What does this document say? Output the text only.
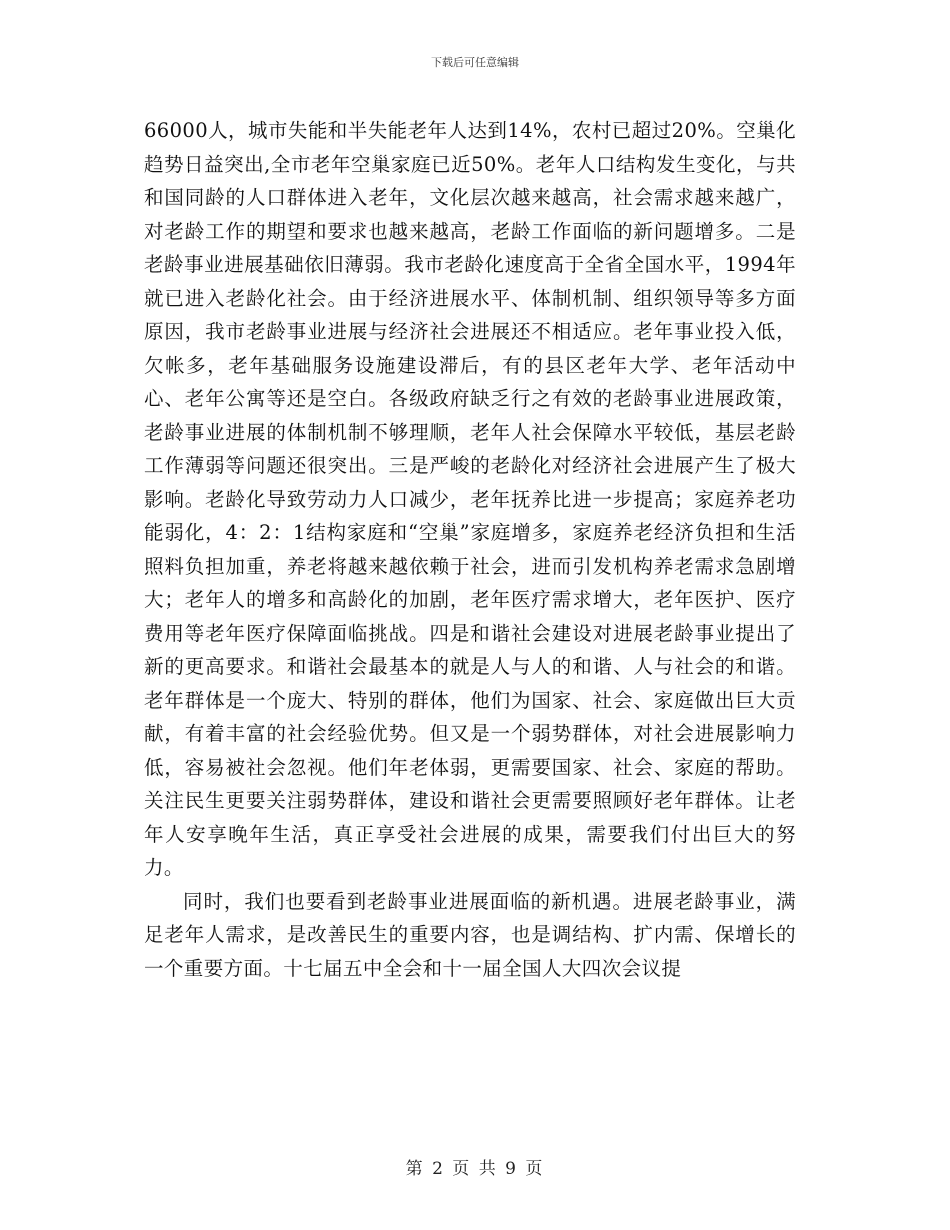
下载后可任意编辑

66000人，城市失能和半失能老年人达到14%，农村已超过20%。空巢化趋势日益突出,全市老年空巢家庭已近50%。老年人口结构发生变化，与共和国同龄的人口群体进入老年，文化层次越来越高，社会需求越来越广，对老龄工作的期望和要求也越来越高，老龄工作面临的新问题增多。二是老龄事业进展基础依旧薄弱。我市老龄化速度高于全省全国水平，1994年就已进入老龄化社会。由于经济进展水平、体制机制、组织领导等多方面原因，我市老龄事业进展与经济社会进展还不相适应。老年事业投入低，欠帐多，老年基础服务设施建设滞后，有的县区老年大学、老年活动中心、老年公寓等还是空白。各级政府缺乏行之有效的老龄事业进展政策，老龄事业进展的体制机制不够理顺，老年人社会保障水平较低，基层老龄工作薄弱等问题还很突出。三是严峻的老龄化对经济社会进展产生了极大影响。老龄化导致劳动力人口减少，老年抚养比进一步提高；家庭养老功能弱化，4：2：1结构家庭和“空巢”家庭增多，家庭养老经济负担和生活照料负担加重，养老将越来越依赖于社会，进而引发机构养老需求急剧增大；老年人的增多和高龄化的加剧，老年医疗需求增大，老年医护、医疗费用等老年医疗保障面临挑战。四是和谐社会建设对进展老龄事业提出了新的更高要求。和谐社会最基本的就是人与人的和谐、人与社会的和谐。老年群体是一个庞大、特别的群体，他们为国家、社会、家庭做出巨大贡献，有着丰富的社会经验优势。但又是一个弱势群体，对社会进展影响力低，容易被社会忽视。他们年老体弱，更需要国家、社会、家庭的帮助。关注民生更要关注弱势群体，建设和谐社会更需要照顾好老年群体。让老年人安享晚年生活，真正享受社会进展的成果，需要我们付出巨大的努力。

同时，我们也要看到老龄事业进展面临的新机遇。进展老龄事业，满足老年人需求，是改善民生的重要内容，也是调结构、扩内需、保增长的一个重要方面。十七届五中全会和十一届全国人大四次会议提

第 2 页 共 9 页
